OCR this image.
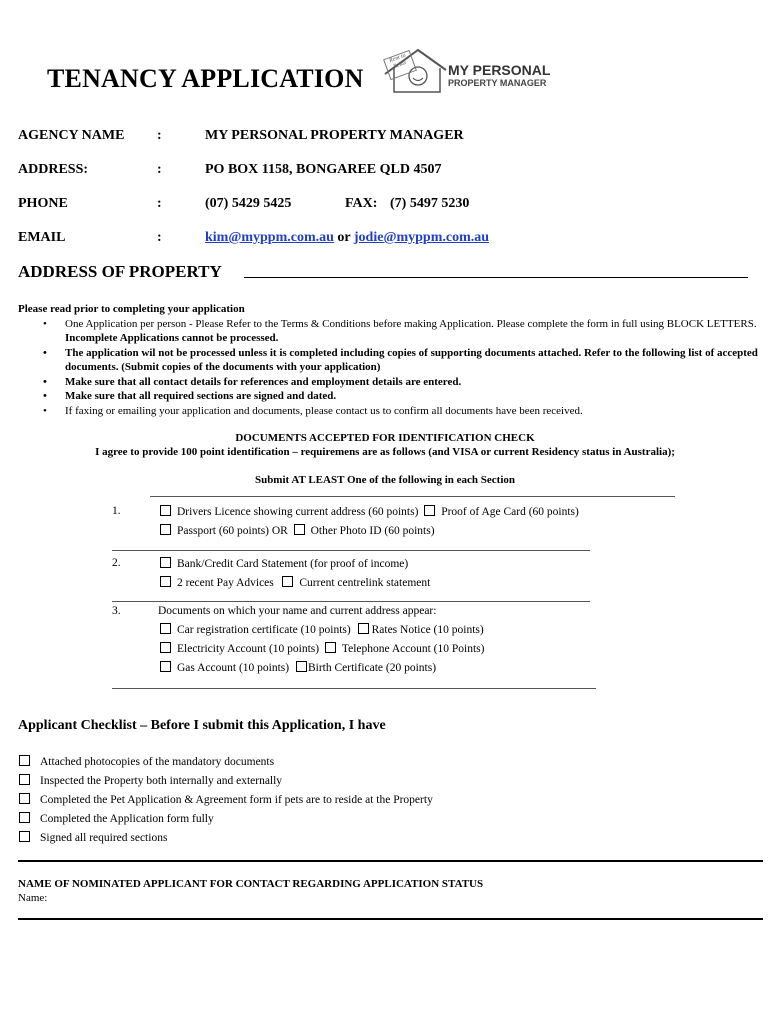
TENANCY APPLICATION
Rent to Relax	MY PERSONAL
PROPERTY MANAGER
AGENCY NAME :	MY PERSONAL PROPERTY MANAGER
ADDRESS:	:	PO BOX 1158, BONGAREE QLD 4507
PHONE	:	(07) 5429 5425	FAX: (7) 5497 5230
EMAIL	:	kim@myppm.com.au or jodie@myppm.com.au
ADDRESS OF PROPERTY
Please read prior to completing your application
• One Application per person - Please Refer to the Terms & Conditions before making Application. Please complete the form in full using BLOCK LETTERS. Incomplete Applications cannot be processed.
• The application wil not be processed unless it is completed including copies of supporting documents attached. Refer to the following list of accepted documents. (Submit copies of the documents with your application)
• Make sure that all contact details for references and employment details are entered.
• Make sure that all required sections are signed and dated.
• If faxing or emailing your application and documents, please contact us to confirm all documents have been received.
DOCUMENTS ACCEPTED FOR IDENTIFICATION CHECK
I agree to provide 100 point identification – requiremens are as follows (and VISA or current Residency status in Australia);
Submit AT LEAST One of the following in each Section
1.	Drivers Licence showing current address (60 points) Proof of Age Card (60 points)
Passport (60 points) OR Other Photo ID (60 points)
2.	Bank/Credit Card Statement (for proof of income)
2 recent Pay Advices Current centrelink statement
3.	Documents on which your name and current address appear:
Car registration certificate (10 points) Rates Notice (10 points)
Electricity Account (10 points) Telephone Account (10 Points)
Gas Account (10 points) Birth Certificate (20 points)
Applicant Checklist – Before I submit this Application, I have
Attached photocopies of the mandatory documents
Inspected the Property both internally and externally
Completed the Pet Application & Agreement form if pets are to reside at the Property
Completed the Application form fully
Signed all required sections
NAME OF NOMINATED APPLICANT FOR CONTACT REGARDING APPLICATION STATUS
Name:
